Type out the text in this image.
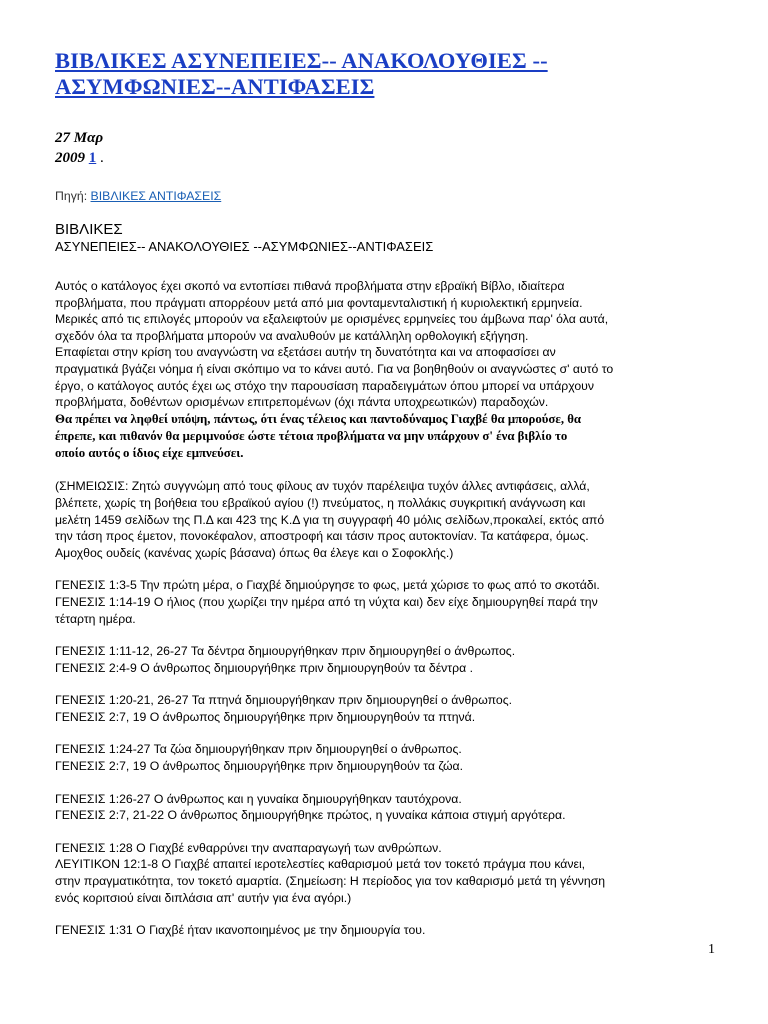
ΒΙΒΛΙΚΕΣ ΑΣΥΝΕΠΕΙΕΣ-- ΑΝΑΚΟΛΟΥΘΙΕΣ --
ΑΣΥΜΦΩΝΙΕΣ--ΑΝΤΙΦΑΣΕΙΣ
27 Μαρ
2009 1 .
Πηγή: ΒΙΒΛΙΚΕΣ ΑΝΤΙΦΑΣΕΙΣ
ΒΙΒΛΙΚΕΣ
ΑΣΥΝΕΠΕΙΕΣ-- ΑΝΑΚΟΛΟΥΘΙΕΣ --ΑΣΥΜΦΩΝΙΕΣ--ΑΝΤΙΦΑΣΕΙΣ

Αυτός ο κατάλογος έχει σκοπό να εντοπίσει πιθανά προβλήματα στην εβραϊκή Βίβλο, ιδιαίτερα

προβλήματα, που πράγματι απορρέουν μετά από μια φονταμενταλιστική ή κυριολεκτική ερμηνεία.

Μερικές από τις επιλογές μπορούν να εξαλειφτούν με ορισμένες ερμηνείες του άμβωνα παρ' όλα αυτά,

σχεδόν όλα τα προβλήματα μπορούν να αναλυθούν με κατάλληλη ορθολογική εξήγηση.

Επαφίεται στην κρίση του αναγνώστη να εξετάσει αυτήν τη δυνατότητα και να αποφασίσει αν

πραγματικά βγάζει νόημα ή είναι σκόπιμο να το κάνει αυτό. Για να βοηθηθούν οι αναγνώστες σ' αυτό το

έργο, ο κατάλογος αυτός έχει ως στόχο την παρουσίαση παραδειγμάτων όπου μπορεί να υπάρχουν

προβλήματα, δοθέντων ορισμένων επιτρεπομένων (όχι πάντα υποχρεωτικών) παραδοχών.

Θα πρέπει να ληφθεί υπόψη, πάντως, ότι ένας τέλειος και παντοδύναμος Γιαχβέ θα μπορούσε, θα

έπρεπε, και πιθανόν θα μεριμνούσε ώστε τέτοια προβλήματα να μην υπάρχουν σ' ένα βιβλίο το

οποίο αυτός ο ίδιος είχε εμπνεύσει.

(ΣΗΜΕΙΩΣΙΣ: Ζητώ συγγνώμη από τους φίλους αν τυχόν παρέλειψα τυχόν άλλες αντιφάσεις, αλλά,

βλέπετε, χωρίς τη βοήθεια του εβραϊκού αγίου (!) πνεύματος, η πολλάκις συγκριτική ανάγνωση και

μελέτη 1459 σελίδων της Π.Δ και 423 της Κ.Δ για τη συγγραφή 40 μόλις σελίδων,προκαλεί, εκτός από

την τάση προς έμετον, πονοκέφαλον, αποστροφή και τάσιν προς αυτοκτονίαν. Τα κατάφερα, όμως.

Αμοχθος ουδείς (κανένας χωρίς βάσανα) όπως θα έλεγε και ο Σοφοκλής.)

ΓΕΝΕΣΙΣ 1:3-5 Την πρώτη μέρα, ο Γιαχβέ δημιούργησε το φως, μετά χώρισε το φως από το σκοτάδι.

ΓΕΝΕΣΙΣ 1:14-19 Ο ήλιος (που χωρίζει την ημέρα από τη νύχτα και) δεν είχε δημιουργηθεί παρά την

τέταρτη ημέρα.

ΓΕΝΕΣΙΣ 1:11-12, 26-27 Τα δέντρα δημιουργήθηκαν πριν δημιουργηθεί ο άνθρωπος.

ΓΕΝΕΣΙΣ 2:4-9 Ο άνθρωπος δημιουργήθηκε πριν δημιουργηθούν τα δέντρα .

ΓΕΝΕΣΙΣ 1:20-21, 26-27 Τα πτηνά δημιουργήθηκαν πριν δημιουργηθεί ο άνθρωπος.

ΓΕΝΕΣΙΣ 2:7, 19 Ο άνθρωπος δημιουργήθηκε πριν δημιουργηθούν τα πτηνά.

ΓΕΝΕΣΙΣ 1:24-27 Τα ζώα δημιουργήθηκαν πριν δημιουργηθεί ο άνθρωπος.

ΓΕΝΕΣΙΣ 2:7, 19 Ο άνθρωπος δημιουργήθηκε πριν δημιουργηθούν τα ζώα.

ΓΕΝΕΣΙΣ 1:26-27 Ο άνθρωπος και η γυναίκα δημιουργήθηκαν ταυτόχρονα.

ΓΕΝΕΣΙΣ 2:7, 21-22 Ο άνθρωπος δημιουργήθηκε πρώτος, η γυναίκα κάποια στιγμή αργότερα.

ΓΕΝΕΣΙΣ 1:28 Ο Γιαχβέ ενθαρρύνει την αναπαραγωγή των ανθρώπων.

ΛΕΥΙΤΙΚΟΝ 12:1-8 Ο Γιαχβέ απαιτεί ιεροτελεστίες καθαρισμού μετά τον τοκετό πράγμα που κάνει,

στην πραγματικότητα, τον τοκετό αμαρτία. (Σημείωση: Η περίοδος για τον καθαρισμό μετά τη γέννηση

ενός κοριτσιού είναι διπλάσια απ' αυτήν για ένα αγόρι.)

ΓΕΝΕΣΙΣ 1:31 Ο Γιαχβέ ήταν ικανοποιημένος με την δημιουργία του.

1
